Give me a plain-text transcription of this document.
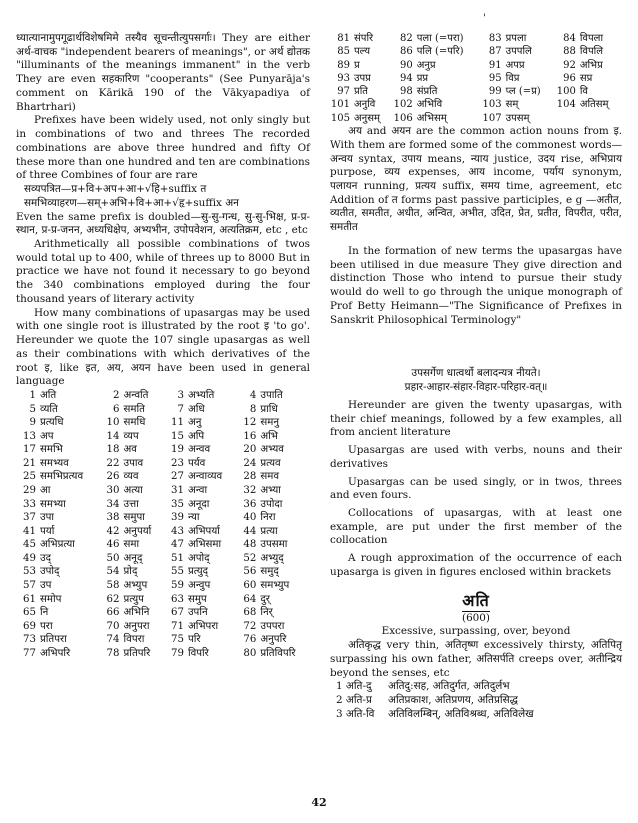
'

ध्यात्यानामुपगूढार्थविशेषमिमे तस्यैव सूचन्तीत्युपसर्गाः। They are either अर्थ-वाचक "independent bearers of meanings", or अर्थ द्योतक "illuminants of the meanings immanent" in the verb They are even सहकारिण "cooperants" (See Punyarāja's comment on Kārikā 190 of the Vākyapadiya of Bhartrhari)

Prefixes have been widely used, not only singly but in combinations of two and threes The recorded combinations are above three hundred and fifty Of these more than one hundred and ten are combinations of three Combines of four are rare

सव्यपत्रित—प्र+वि+अप+आ+√हि+suffix त

समभिव्याहरण—सम्+अभि+वि+आ+√हृ+suffix अन

Even the same prefix is doubled—सु-सु-गन्ध, सु-सु-भिक्ष, प्र-प्र-स्थान, प्र-प्र-जनन, अध्यधिक्षेप, अभ्यभीन, उपोपवेशन, अत्यतिक्रम, etc , etc

Arithmetically all possible combinations of twos would total up to 400, while of threes up to 8000 But in practice we have not found it necessary to go beyond the 340 combinations employed during the four thousand years of literary activity

How many combinations of upasargas may be used with one single root is illustrated by the root इ 'to go'. Hereunder we quote the 107 single upasargas as well as their combinations with which derivatives of the root इ, like इत, अय, अयन have been used in general language

1 अति	2 अन्वति	3 अभ्यति	4 उपाति
5 व्यति	6 समति	7 अधि	8 प्राधि
9 प्रत्यधि	10 समधि	11 अनु	12 समनु
13 अप	14 व्यप	15 अपि	16 अभि
17 समभि	18 अव	19 अन्वव	20 अभ्यव
21 समभ्यव	22 उपाव	23 पर्यव	24 प्रत्यव
25 समभिप्रत्यव	26 व्यव	27 अन्वाव्यव	28 समव
29 आ	30 अत्या	31 अन्वा	32 अभ्या
33 समभ्या	34 उत्ता	35 अनूदा	36 उपोदा
37 उपा	38 समुपा	39 न्या	40 निरा
41 पर्या	42 अनुपर्या	43 अभिपर्या	44 प्रत्या
45 अभिप्रत्या	46 समा	47 अभिसमा	48 उपसमा
49 उद्	50 अनूद्	51 अपोद्	52 अभ्युद्
53 उपोद्	54 प्रोद्	55 प्रत्युद्	56 समुद्
57 उप	58 अभ्युप	59 अन्वुप	60 समभ्युप
61 समोप	62 प्रत्युप	63 समुप	64 दुर्
65 नि	66 अभिनि	67 उपनि	68 निर्
69 परा	70 अनुपरा	71 अभिपरा	72 उपपरा
73 प्रतिपरा	74 विपरा	75 परि	76 अनुपरि
77 अभिपरि	78 प्रतिपरि	79 विपरि	80 प्रतिविपरि
81 संपरि	82 पला (=परा)	83 प्रपला	84 विपला
85 पल्य	86 पलि (=परि)	87 उपपलि	88 विपलि
89 प्र	90 अनुप्र	91 अपप्र	92 अभिप्र
93 उपप्र	94 प्रप्र	95 विप्र	96 सप्र
97 प्रति	98 संप्रति	99 प्ल (=प्र)	100 वि
101 अनुवि	102 अभिवि	103 सम्	104 अतिसम्
105 अनुसम्	106 अभिसम्	107 उपसम्	

अय and अयन are the common action nouns from इ. With them are formed some of the commonest words—अन्वय syntax, उपाय means, न्याय justice, उदय rise, अभिप्राय purpose, व्यय expenses, आय income, पर्याय synonym, पलायन running, प्रत्यय suffix, समय time, agreement, etc Addition of त forms past passive participles, e g —अतीत, व्यतीत, समतीत, अधीत, अन्वित, अभीत, उदित, प्रेत, प्रतीत, विपरीत, परीत, समतीत

In the formation of new terms the upasargas have been utilised in due measure They give direction and distinction Those who intend to pursue their study would do well to go through the unique monograph of Prof Betty Heimann—"The Significance of Prefixes in Sanskrit Philosophical Terminology"

उपसर्गेण धात्वर्थो बलादन्यत्र नीयते।

प्रहार-आहार-संहार-विहार-परिहार-वत्॥

Hereunder are given the twenty upasargas, with their chief meanings, followed by a few examples, all from ancient literature

Upasargas are used with verbs, nouns and their derivatives

Upasargas can be used singly, or in twos, threes and even fours.

Collocations of upasargas, with at least one example, are put under the first member of the collocation

A rough approximation of the occurrence of each upasarga is given in figures enclosed within brackets

अति

(600)

Excessive, surpassing, over, beyond

अतिकृद्ध very thin, अतितृष्ण excessively thirsty, अतिपितृ surpassing his own father, अतिसर्पति creeps over, अतीन्द्रिय beyond the senses, etc

1 अति-दु अतिदु:सह, अतिदुर्गत, अतिदुर्लभ

2 अति-प्र अतिप्रकाश, अतिप्रणय, अतिप्रसिद्ध

3 अति-वि अतिविलम्बिन्, अतिविश्रब्ध, अतिविलेख

42
